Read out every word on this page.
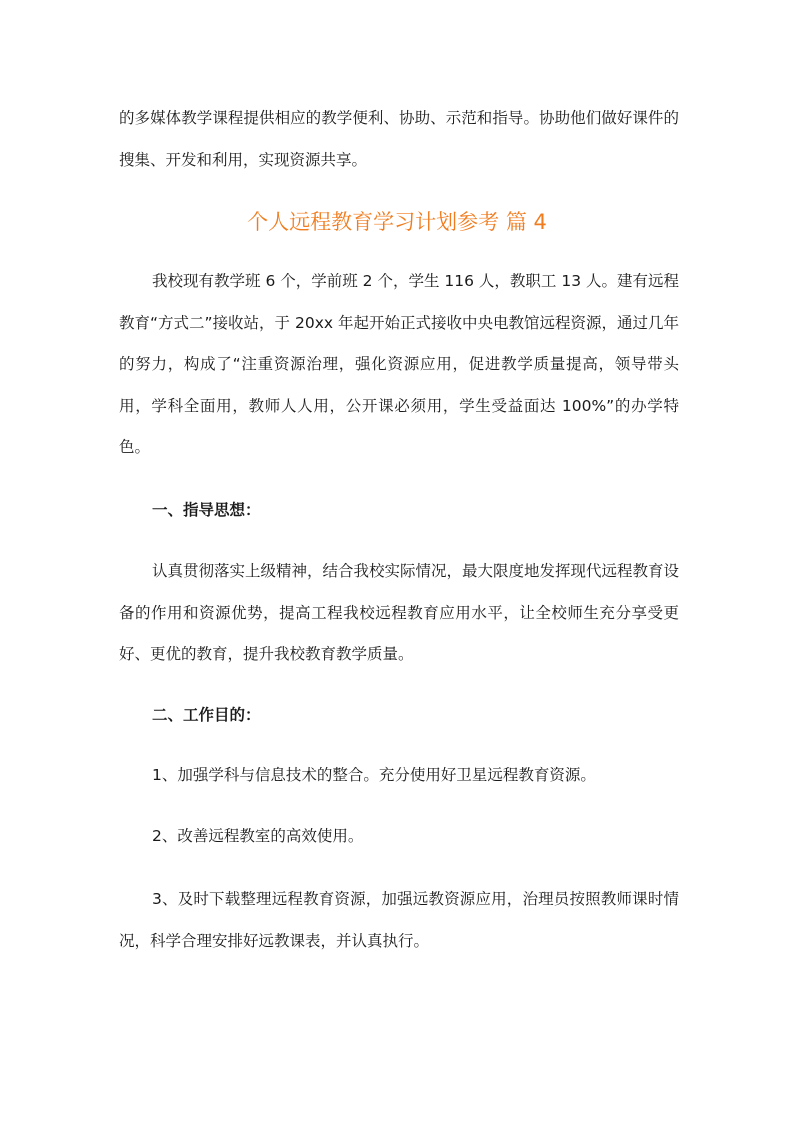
的多媒体教学课程提供相应的教学便利、协助、示范和指导。协助他们做好课件的搜集、开发和利用，实现资源共享。

个人远程教育学习计划参考 篇 4

我校现有教学班 6 个，学前班 2 个，学生 116 人，教职工 13 人。建有远程教育“方式二”接收站，于 20xx 年起开始正式接收中央电教馆远程资源，通过几年的努力，构成了“注重资源治理，强化资源应用，促进教学质量提高，领导带头用，学科全面用，教师人人用，公开课必须用，学生受益面达 100%”的办学特色。

一、指导思想：

认真贯彻落实上级精神，结合我校实际情况，最大限度地发挥现代远程教育设备的作用和资源优势，提高工程我校远程教育应用水平，让全校师生充分享受更好、更优的教育，提升我校教育教学质量。

二、工作目的：

1、加强学科与信息技术的整合。充分使用好卫星远程教育资源。

2、改善远程教室的高效使用。

3、及时下载整理远程教育资源，加强远教资源应用，治理员按照教师课时情况，科学合理安排好远教课表，并认真执行。
